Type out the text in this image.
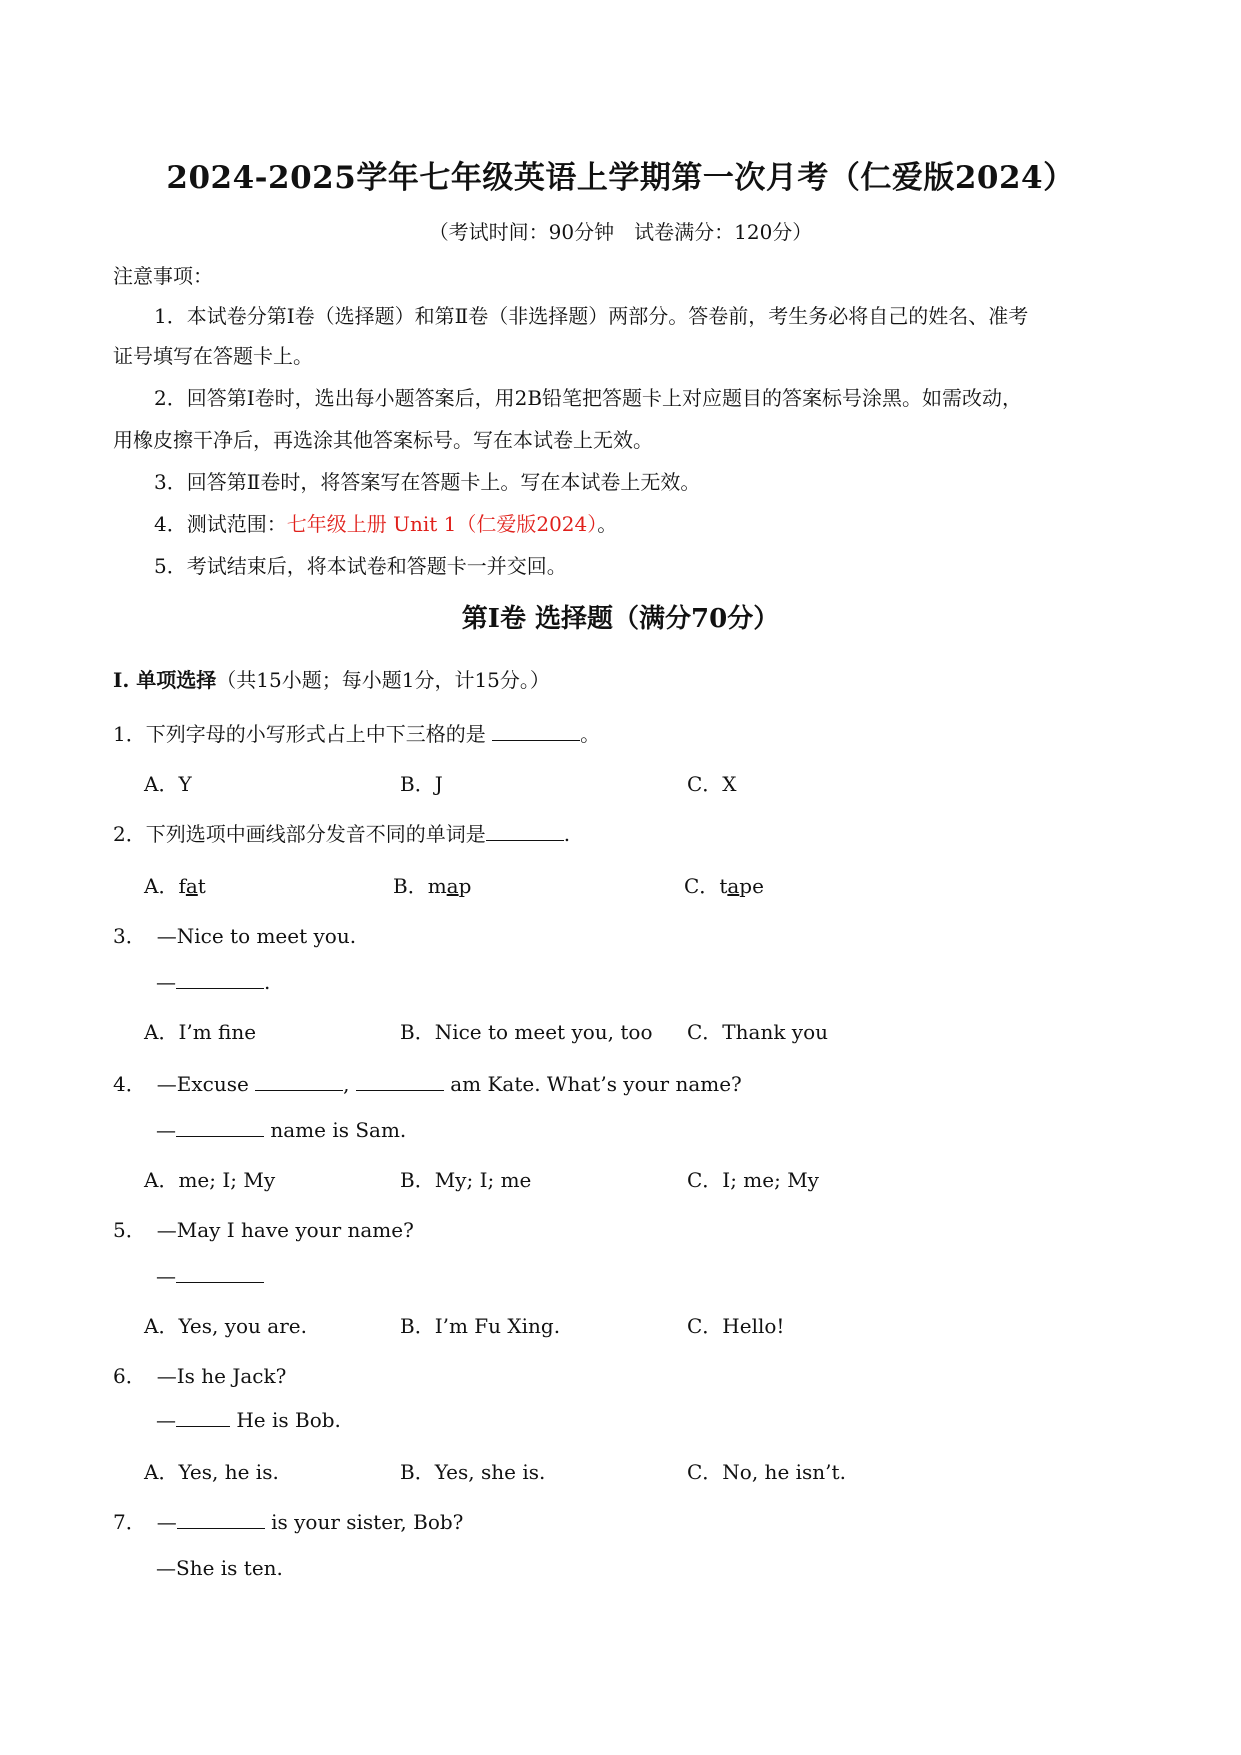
2024-2025学年七年级英语上学期第一次月考（仁爱版2024）
（考试时间：90分钟　试卷满分：120分）
注意事项：
1．本试卷分第Ⅰ卷（选择题）和第Ⅱ卷（非选择题）两部分。答卷前，考生务必将自己的姓名、准考
证号填写在答题卡上。
2．回答第Ⅰ卷时，选出每小题答案后，用2B铅笔把答题卡上对应题目的答案标号涂黑。如需改动，
用橡皮擦干净后，再选涂其他答案标号。写在本试卷上无效。
3．回答第Ⅱ卷时，将答案写在答题卡上。写在本试卷上无效。
4．测试范围：七年级上册 Unit 1（仁爱版2024）。
5．考试结束后，将本试卷和答题卡一并交回。
第Ⅰ卷 选择题（满分70分）
I. 单项选择（共15小题；每小题1分，计15分。）
1．下列字母的小写形式占上中下三格的是	。
A．Y	B．J	C．X
2．下列选项中画线部分发音不同的单词是	.
A．fat	B．map	C．tape
3． —Nice to meet you.
—	.
A．I’m fine	B．Nice to meet you, too C．Thank you
4． —Excuse	,	am Kate. What’s your name?
—	name is Sam.
A．me; I; My	B．My; I; me	C．I; me; My
5． —May I have your name?
—
A．Yes, you are.	B．I’m Fu Xing.	C．Hello!
6． —Is he Jack?
—	He is Bob.
A．Yes, he is.	B．Yes, she is.	C．No, he isn’t.
7． —	is your sister, Bob?
—She is ten.
